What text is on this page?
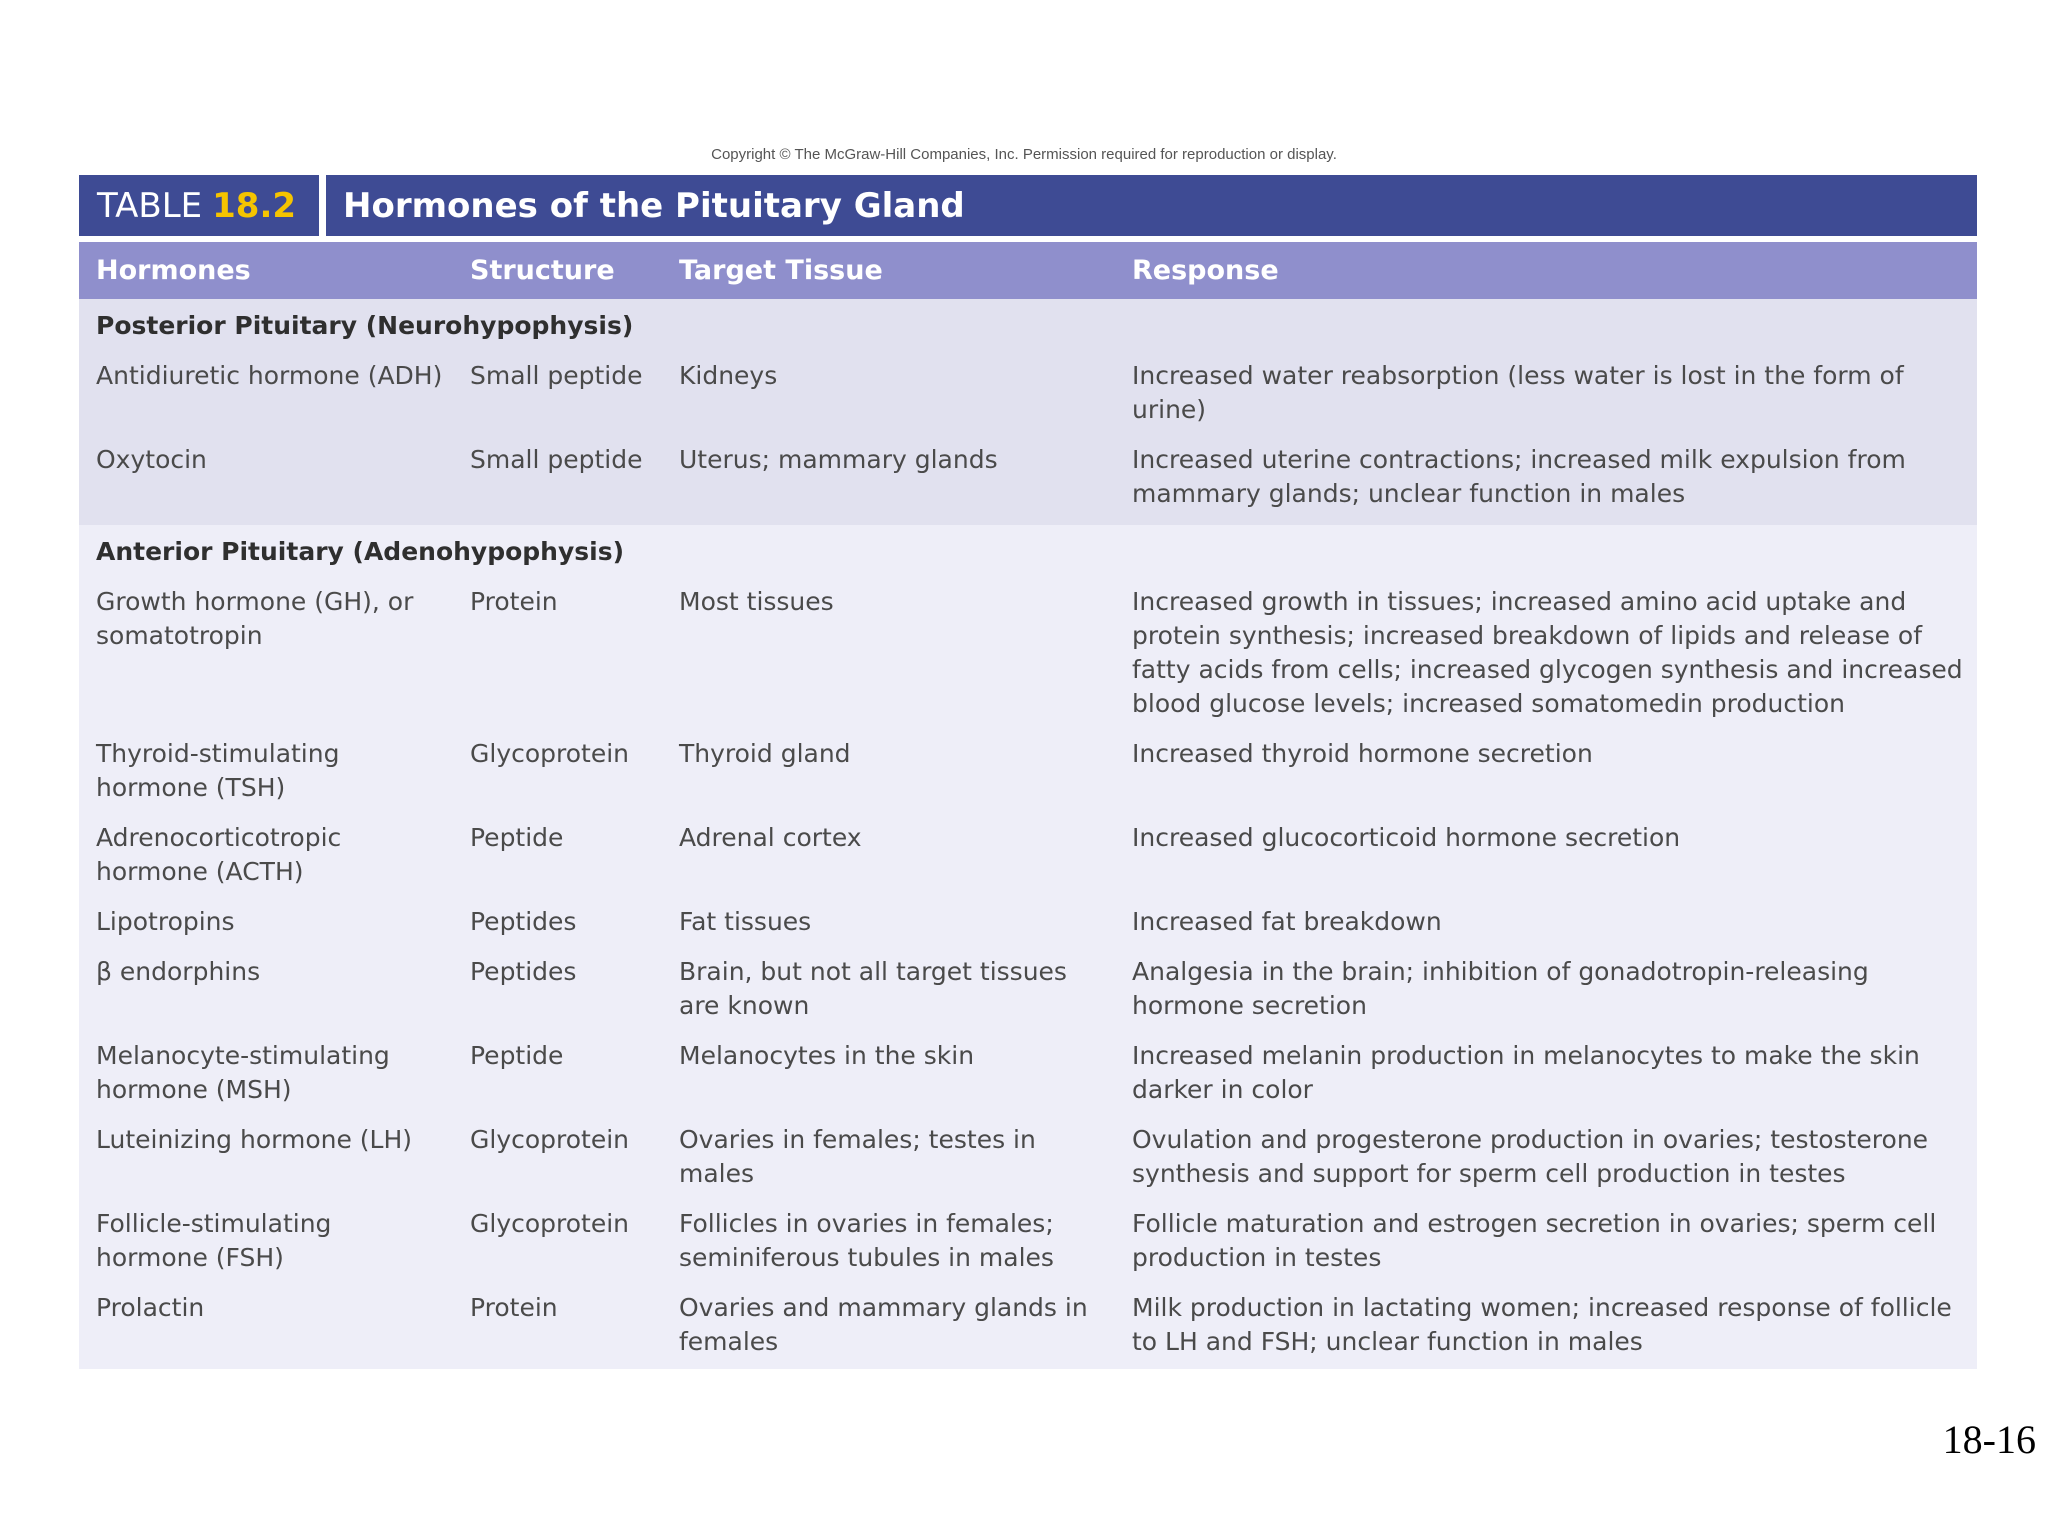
Copyright © The McGraw-Hill Companies, Inc. Permission required for reproduction or display.
TABLE 18.2	Hormones of the Pituitary Gland
Hormones	Structure	Target Tissue	Response
Posterior Pituitary (Neurohypophysis)			
Antidiuretic hormone (ADH)	Small peptide	Kidneys	Increased water reabsorption (less water is lost in the form of urine)
Oxytocin	Small peptide	Uterus; mammary glands	Increased uterine contractions; increased milk expulsion from mammary glands; unclear function in males
Anterior Pituitary (Adenohypophysis)			
Growth hormone (GH), or somatotropin	Protein	Most tissues	Increased growth in tissues; increased amino acid uptake and protein synthesis; increased breakdown of lipids and release of fatty acids from cells; increased glycogen synthesis and increased blood glucose levels; increased somatomedin production
Thyroid-stimulating hormone (TSH)	Glycoprotein	Thyroid gland	Increased thyroid hormone secretion
Adrenocorticotropic hormone (ACTH)	Peptide	Adrenal cortex	Increased glucocorticoid hormone secretion
Lipotropins	Peptides	Fat tissues	Increased fat breakdown
β endorphins	Peptides	Brain, but not all target tissues are known	Analgesia in the brain; inhibition of gonadotropin-releasing hormone secretion
Melanocyte-stimulating hormone (MSH)	Peptide	Melanocytes in the skin	Increased melanin production in melanocytes to make the skin darker in color
Luteinizing hormone (LH)	Glycoprotein	Ovaries in females; testes in males	Ovulation and progesterone production in ovaries; testosterone synthesis and support for sperm cell production in testes
Follicle-stimulating hormone (FSH)	Glycoprotein	Follicles in ovaries in females; seminiferous tubules in males	Follicle maturation and estrogen secretion in ovaries; sperm cell production in testes
Prolactin	Protein	Ovaries and mammary glands in females	Milk production in lactating women; increased response of follicle to LH and FSH; unclear function in males
18-16
